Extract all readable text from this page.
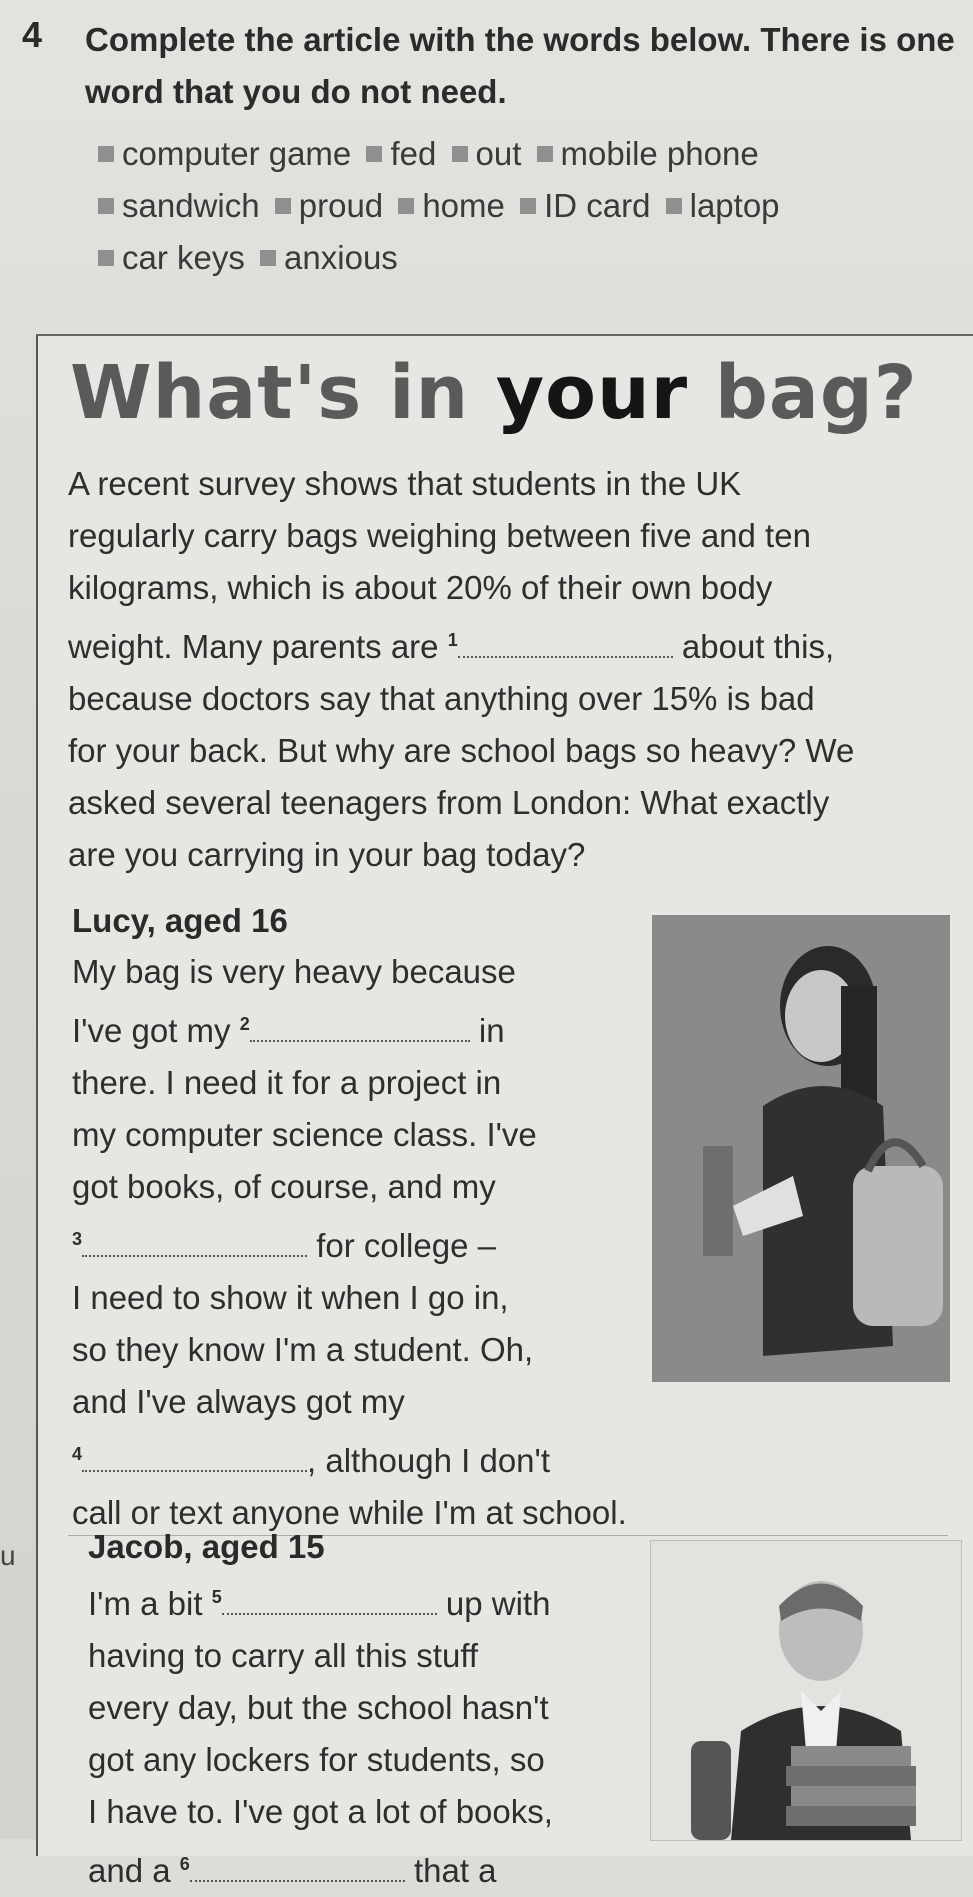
4 Complete the article with the words below. There is one word that you do not need.
computer game fed out mobile phone
sandwich proud home ID card laptop
car keys anxious
What's in your bag?
A recent survey shows that students in the UK
regularly carry bags weighing between five and ten
kilograms, which is about 20% of their own body
weight. Many parents are $^1$	about this,
because doctors say that anything over 15% is bad
for your back. But why are school bags so heavy? We
asked several teenagers from London: What exactly
are you carrying in your bag today?
Lucy, aged 16
My bag is very heavy because
I've got my $^2$	in
there. I need it for a project in
my computer science class. I've
got books, of course, and my
$^3$	for college –
I need to show it when I go in,
so they know I'm a student. Oh,
and I've always got my
$^4$	, although I don't
call or text anyone while I'm at school.
u Jacob, aged 15
I'm a bit $^5$	up with
having to carry all this stuff
every day, but the school hasn't
got any lockers for students, so
I have to. I've got a lot of books,
and a $^6$	that a
